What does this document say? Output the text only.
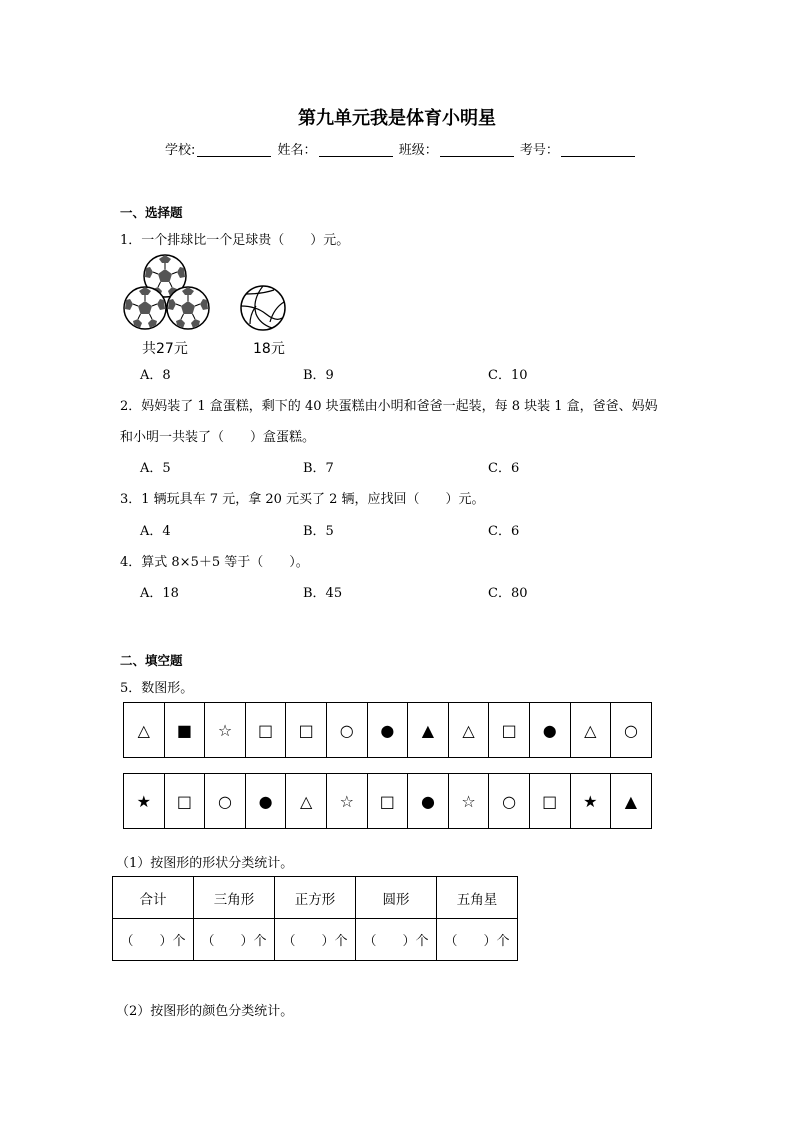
第九单元我是体育小明星
学校:	姓名：	班级：	考号：
一、选择题
1．一个排球比一个足球贵（　　）元。
共27元	18元
A．8	B．9	C．10
2．妈妈装了 1 盒蛋糕，剩下的 40 块蛋糕由小明和爸爸一起装，每 8 块装 1 盒，爸爸、妈妈
和小明一共装了（　　）盒蛋糕。
A．5	B．7	C．6
3．1 辆玩具车 7 元，拿 20 元买了 2 辆，应找回（　　）元。
A．4	B．5	C．6
4．算式 8×5＋5 等于（　　）。
A．18	B．45	C．80
二、填空题
5．数图形。
△	■	☆	□	□	○	●	▲	△	□	●	△	○
★	□	○	●	△	☆	□	●	☆	○	□	★	▲
（1）按图形的形状分类统计。
合计	三角形	正方形	圆形	五角星
（　　）个	（　　）个	（　　）个	（　　）个	（　　）个
（2）按图形的颜色分类统计。
